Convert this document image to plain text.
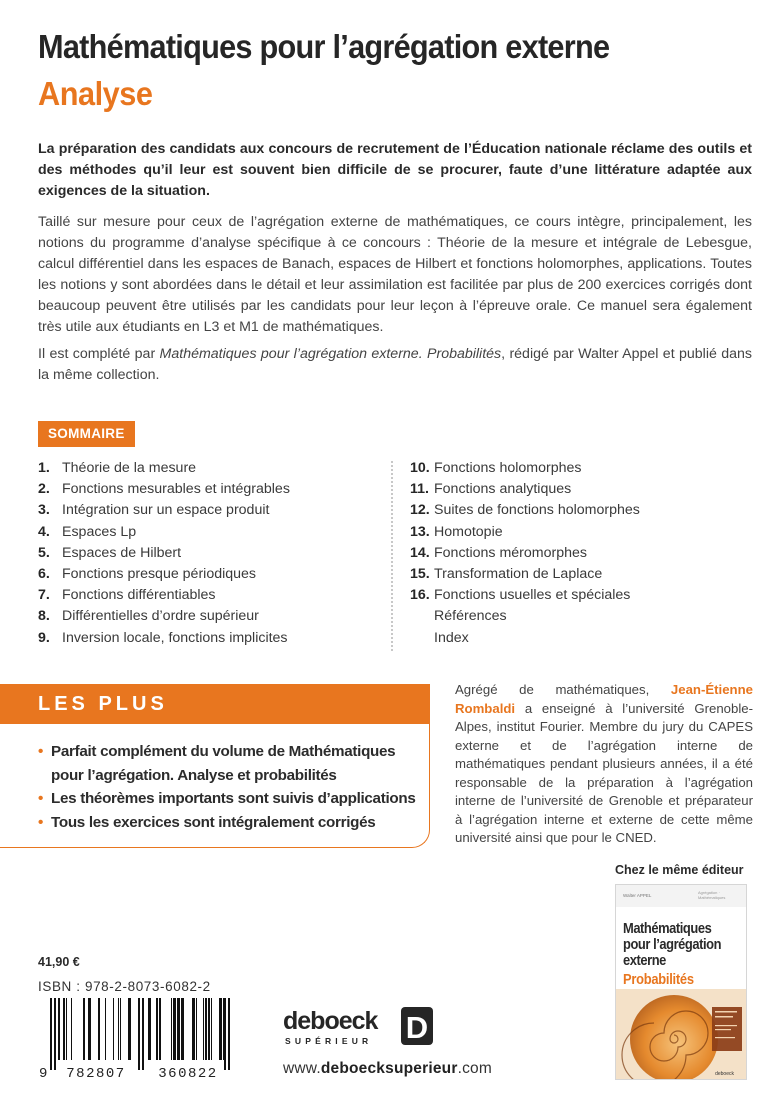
Mathématiques pour l’agrégation externe
Analyse

La préparation des candidats aux concours de recrutement de l’Éducation nationale réclame des outils et des méthodes qu’il leur est souvent bien difficile de se procurer, faute d’une littérature adaptée aux exigences de la situation.

Taillé sur mesure pour ceux de l’agrégation externe de mathématiques, ce cours intègre, principalement, les notions du programme d’analyse spécifique à ce concours : Théorie de la mesure et intégrale de Lebesgue, calcul différentiel dans les espaces de Banach, espaces de Hilbert et fonctions holomorphes, applications. Toutes les notions y sont abordées dans le détail et leur assimilation est facilitée par plus de 200 exercices corrigés dont beaucoup peuvent être utilisés par les candidats pour leur leçon à l’épreuve orale. Ce manuel sera également très utile aux étudiants en L3 et M1 de mathématiques.

Il est complété par Mathématiques pour l’agrégation externe. Probabilités, rédigé par Walter Appel et publié dans la même collection.

SOMMAIRE
1. Théorie de la mesure
2. Fonctions mesurables et intégrables
3. Intégration sur un espace produit
4. Espaces Lp
5. Espaces de Hilbert
6. Fonctions presque périodiques
7. Fonctions différentiables
8. Différentielles d’ordre supérieur
9. Inversion locale, fonctions implicites
10. Fonctions holomorphes
11. Fonctions analytiques
12. Suites de fonctions holomorphes
13. Homotopie
14. Fonctions méromorphes
15. Transformation de Laplace
16. Fonctions usuelles et spéciales
Références
Index
LES PLUS
• Parfait complément du volume de Mathématiques pour l’agrégation. Analyse et probabilités
• Les théorèmes importants sont suivis d’applications
• Tous les exercices sont intégralement corrigés

Agrégé de mathématiques, Jean-Étienne Rombaldi a enseigné à l’université Grenoble-Alpes, institut Fourier. Membre du jury du CAPES externe et de l’agrégation interne de mathématiques pendant plusieurs années, il a été responsable de la préparation à l’agrégation interne de l’université de Grenoble et préparateur à l’agrégation interne et externe de cette même université ainsi que pour le CNED.

Chez le même éditeur
Walter APPEL
Agrégation · Mathématiques
Mathématiques
pour l’agrégation
externe
Probabilités
deboeck
41,90 €
ISBN : 978-2-8073-6082-2
9 782807 360822
deboeck
SUPÉRIEUR D
www.deboecksuperieur.com
